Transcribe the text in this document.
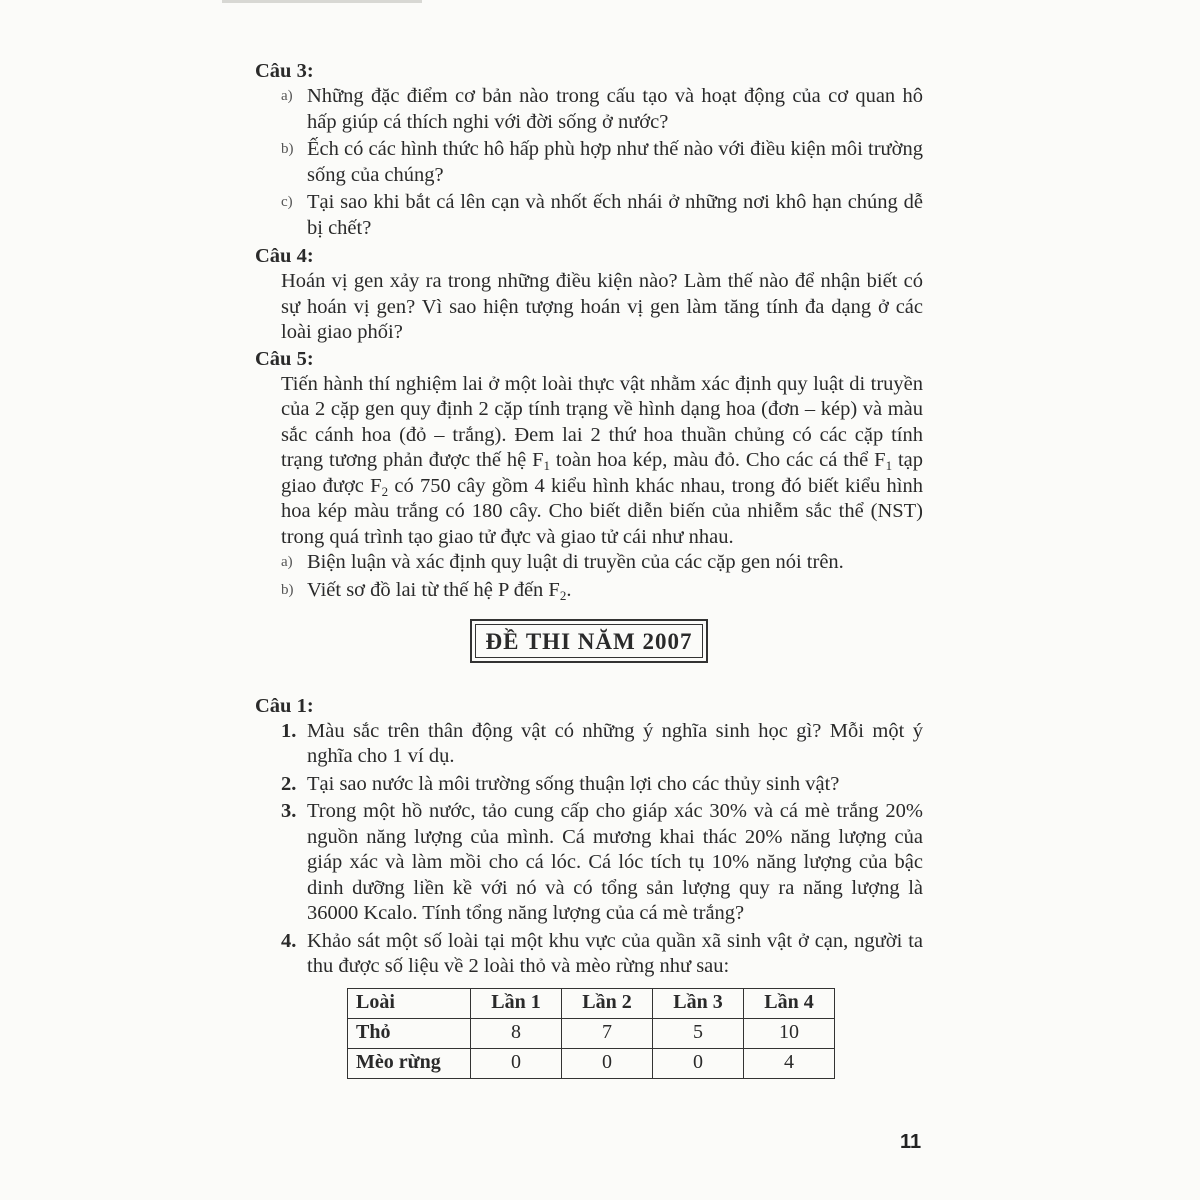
Câu 3:

a) Những đặc điểm cơ bản nào trong cấu tạo và hoạt động của cơ quan hô hấp giúp cá thích nghi với đời sống ở nước?
b) Ếch có các hình thức hô hấp phù hợp như thế nào với điều kiện môi trường sống của chúng?
c) Tại sao khi bắt cá lên cạn và nhốt ếch nhái ở những nơi khô hạn chúng dễ bị chết?

Câu 4:

Hoán vị gen xảy ra trong những điều kiện nào? Làm thế nào để nhận biết có sự hoán vị gen? Vì sao hiện tượng hoán vị gen làm tăng tính đa dạng ở các loài giao phối?

Câu 5:

Tiến hành thí nghiệm lai ở một loài thực vật nhằm xác định quy luật di truyền của 2 cặp gen quy định 2 cặp tính trạng về hình dạng hoa (đơn – kép) và màu sắc cánh hoa (đỏ – trắng). Đem lai 2 thứ hoa thuần chủng có các cặp tính trạng tương phản được thế hệ $F_1$ toàn hoa kép, màu đỏ. Cho các cá thể $F_1$ tạp giao được $F_2$ có 750 cây gồm 4 kiểu hình khác nhau, trong đó biết kiểu hình hoa kép màu trắng có 180 cây. Cho biết diễn biến của nhiễm sắc thể (NST) trong quá trình tạo giao tử đực và giao tử cái như nhau.

a) Biện luận và xác định quy luật di truyền của các cặp gen nói trên.
b) Viết sơ đồ lai từ thế hệ P đến $F_2$.
ĐỀ THI NĂM 2007

Câu 1:

1. Màu sắc trên thân động vật có những ý nghĩa sinh học gì? Mỗi một ý nghĩa cho 1 ví dụ.
2. Tại sao nước là môi trường sống thuận lợi cho các thủy sinh vật?
3. Trong một hồ nước, tảo cung cấp cho giáp xác 30% và cá mè trắng 20% nguồn năng lượng của mình. Cá mương khai thác 20% năng lượng của giáp xác và làm mồi cho cá lóc. Cá lóc tích tụ 10% năng lượng của bậc dinh dưỡng liền kề với nó và có tổng sản lượng quy ra năng lượng là 36000 Kcalo. Tính tổng năng lượng của cá mè trắng?
4. Khảo sát một số loài tại một khu vực của quần xã sinh vật ở cạn, người ta thu được số liệu về 2 loài thỏ và mèo rừng như sau:
Loài	Lần 1	Lần 2	Lần 3	Lần 4
Thỏ	8	7	5	10
Mèo rừng	0	0	0	4
11
